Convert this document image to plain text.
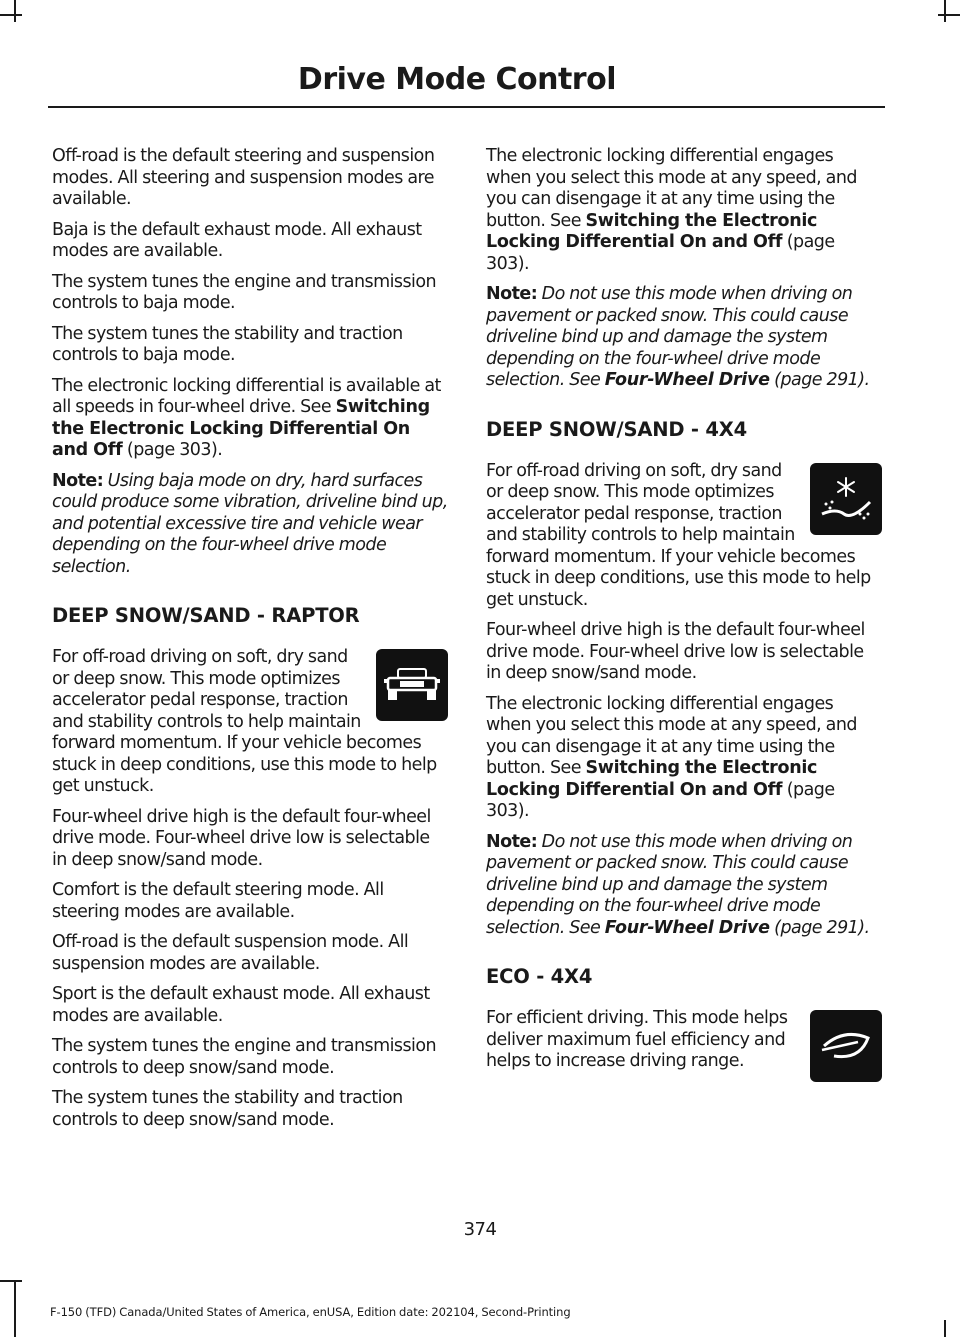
Drive Mode Control

Off-road is the default steering and suspension modes. All steering and suspension modes are available.

Baja is the default exhaust mode. All exhaust modes are available.

The system tunes the engine and transmission controls to baja mode.

The system tunes the stability and traction controls to baja mode.

The electronic locking differential is available at all speeds in four-wheel drive. See Switching the Electronic Locking Differential On and Off (page 303).

Note: Using baja mode on dry, hard surfaces could produce some vibration, driveline bind up, and potential excessive tire and vehicle wear depending on the four-wheel drive mode selection.

DEEP SNOW/SAND - RAPTOR

For off-road driving on soft, dry sand or deep snow. This mode optimizes accelerator pedal response, traction and stability controls to help maintain forward momentum. If your vehicle becomes stuck in deep conditions, use this mode to help get unstuck.

Four-wheel drive high is the default four-wheel drive mode. Four-wheel drive low is selectable in deep snow/sand mode.

Comfort is the default steering mode. All steering modes are available.

Off-road is the default suspension mode. All suspension modes are available.

Sport is the default exhaust mode. All exhaust modes are available.

The system tunes the engine and transmission controls to deep snow/sand mode.

The system tunes the stability and traction controls to deep snow/sand mode.

The electronic locking differential engages when you select this mode at any speed, and you can disengage it at any time using the button. See Switching the Electronic Locking Differential On and Off (page 303).

Note: Do not use this mode when driving on pavement or packed snow. This could cause driveline bind up and damage the system depending on the four-wheel drive mode selection. See Four-Wheel Drive (page 291).

DEEP SNOW/SAND - 4X4

For off-road driving on soft, dry sand or deep snow. This mode optimizes accelerator pedal response, traction and stability controls to help maintain forward momentum. If your vehicle becomes stuck in deep conditions, use this mode to help get unstuck.

Four-wheel drive high is the default four-wheel drive mode. Four-wheel drive low is selectable in deep snow/sand mode.

The electronic locking differential engages when you select this mode at any speed, and you can disengage it at any time using the button. See Switching the Electronic Locking Differential On and Off (page 303).

Note: Do not use this mode when driving on pavement or packed snow. This could cause driveline bind up and damage the system depending on the four-wheel drive mode selection. See Four-Wheel Drive (page 291).

ECO - 4X4

For efficient driving. This mode helps deliver maximum fuel efficiency and helps to increase driving range.

374

F-150 (TFD) Canada/United States of America, enUSA, Edition date: 202104, Second-Printing
